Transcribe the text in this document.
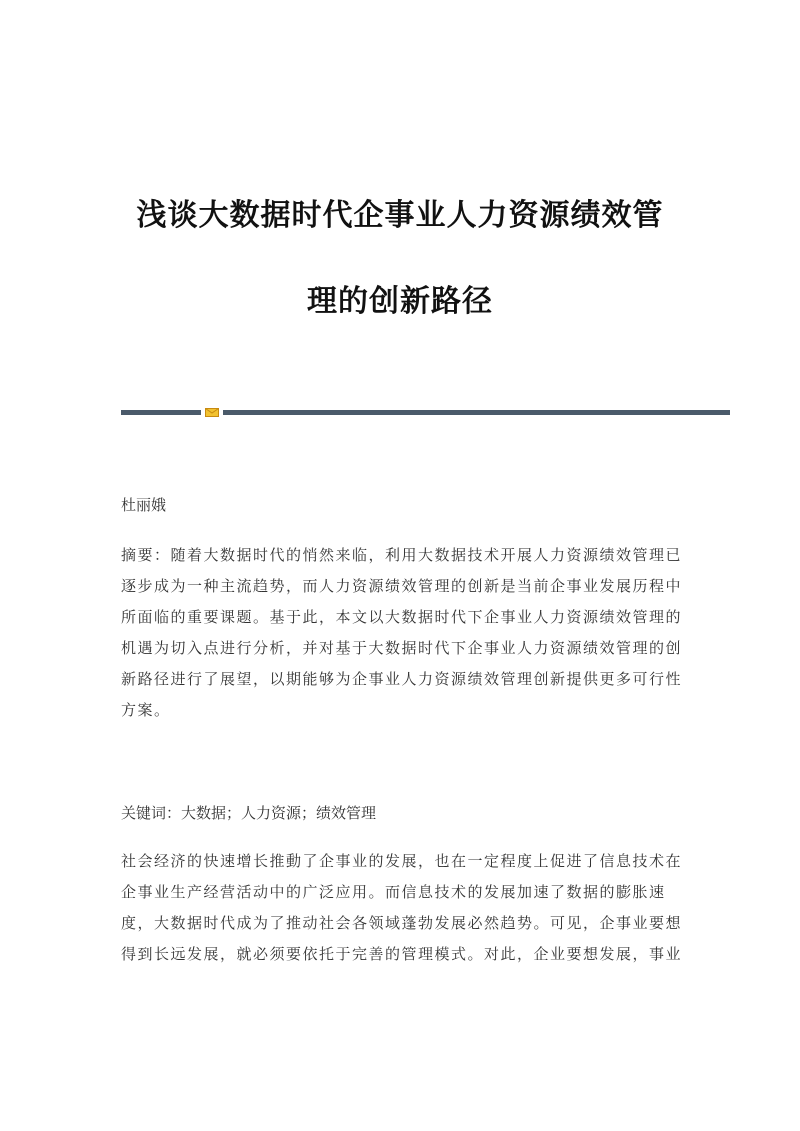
浅谈大数据时代企事业人力资源绩效管
理的创新路径
杜丽娥
摘要：随着大数据时代的悄然来临，利用大数据技术开展人力资源绩效管理已
逐步成为一种主流趋势，而人力资源绩效管理的创新是当前企事业发展历程中
所面临的重要课题。基于此，本文以大数据时代下企事业人力资源绩效管理的
机遇为切入点进行分析，并对基于大数据时代下企事业人力资源绩效管理的创
新路径进行了展望，以期能够为企事业人力资源绩效管理创新提供更多可行性
方案。
关键词：大数据；人力资源；绩效管理
社会经济的快速增长推動了企事业的发展，也在一定程度上促进了信息技术在
企事业生产经营活动中的广泛应用。而信息技术的发展加速了数据的膨胀速
度，大数据时代成为了推动社会各领域蓬勃发展必然趋势。可见，企事业要想
得到长远发展，就必须要依托于完善的管理模式。对此，企业要想发展，事业
